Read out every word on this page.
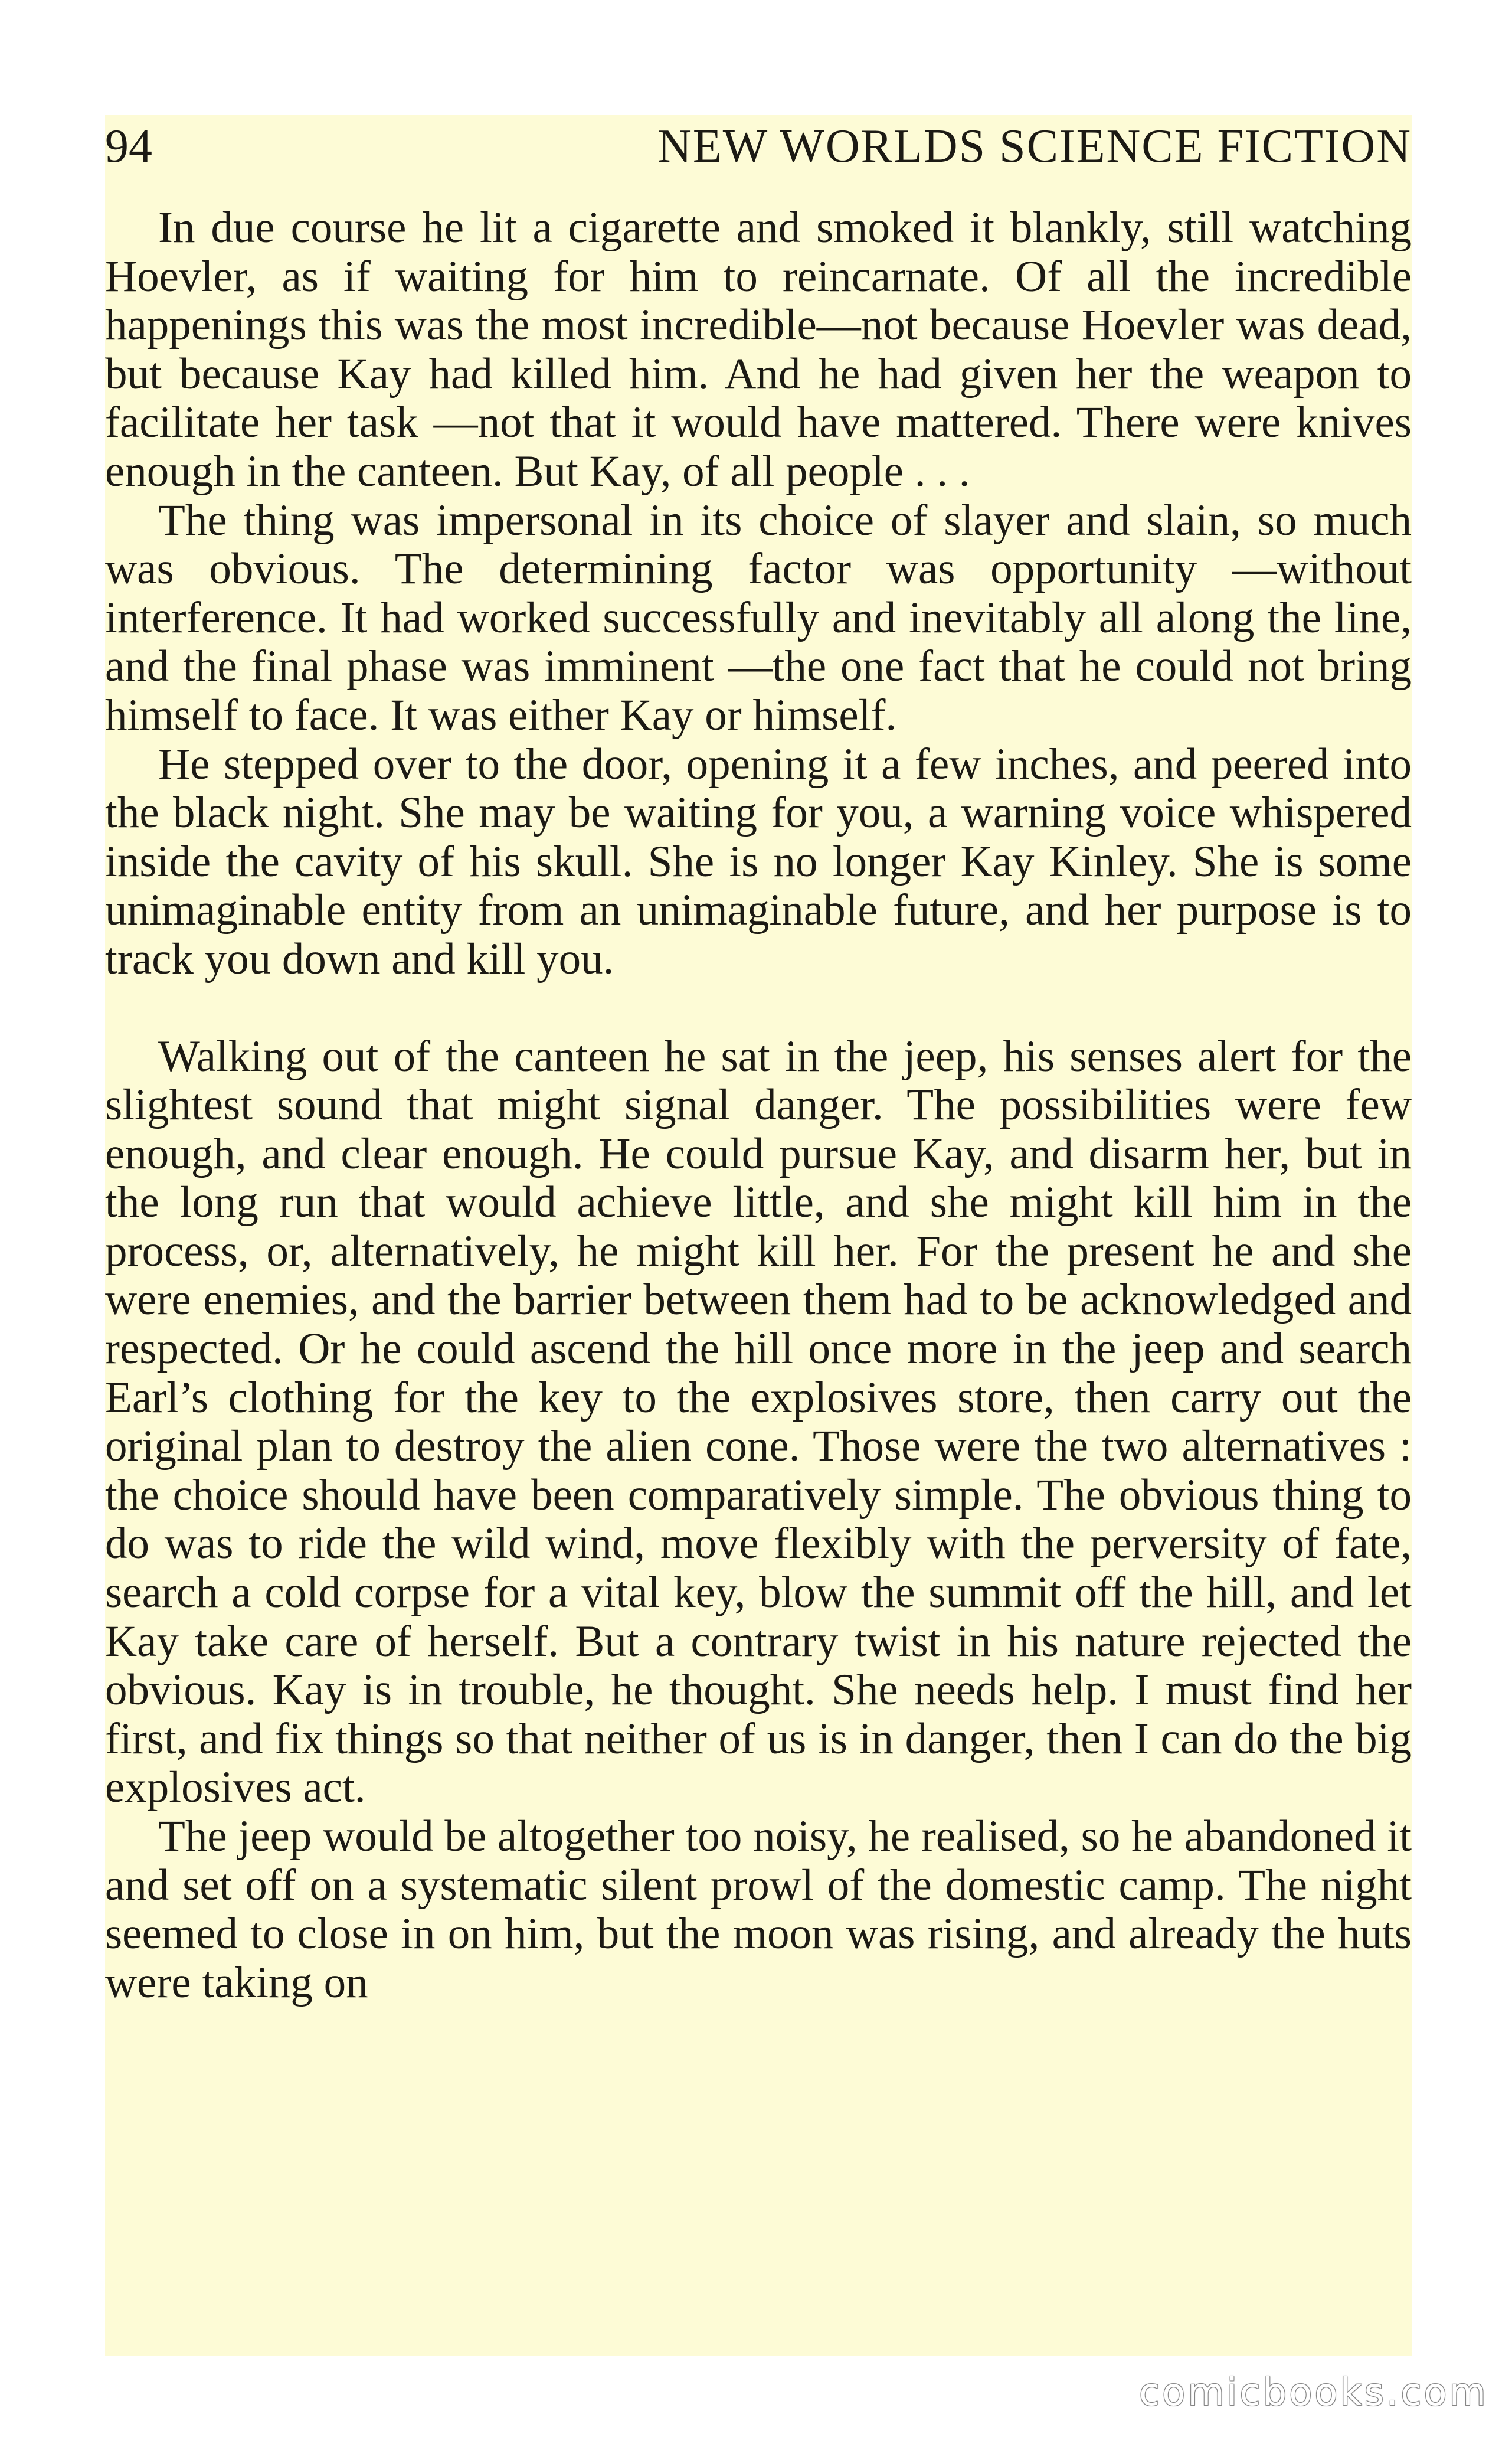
94	NEW WORLDS SCIENCE FICTION

In due course he lit a cigarette and smoked it blankly, still watching Hoevler, as if waiting for him to reincarnate. Of all the incredible happenings this was the most incredible—not because Hoevler was dead, but because Kay had killed him. And he had given her the weapon to facilitate her task —not that it would have mattered. There were knives enough in the canteen. But Kay, of all people . . .

The thing was impersonal in its choice of slayer and slain, so much was obvious. The determining factor was opportunity —without interference. It had worked successfully and inevitably all along the line, and the final phase was imminent —the one fact that he could not bring himself to face. It was either Kay or himself.

He stepped over to the door, opening it a few inches, and peered into the black night. She may be waiting for you, a warning voice whispered inside the cavity of his skull. She is no longer Kay Kinley. She is some unimaginable entity from an unimaginable future, and her purpose is to track you down and kill you.

Walking out of the canteen he sat in the jeep, his senses alert for the slightest sound that might signal danger. The possibilities were few enough, and clear enough. He could pursue Kay, and disarm her, but in the long run that would achieve little, and she might kill him in the process, or, alternatively, he might kill her. For the present he and she were enemies, and the barrier between them had to be acknowledged and respected. Or he could ascend the hill once more in the jeep and search Earl’s clothing for the key to the explosives store, then carry out the original plan to destroy the alien cone. Those were the two alternatives : the choice should have been comparatively simple. The obvious thing to do was to ride the wild wind, move flexibly with the perversity of fate, search a cold corpse for a vital key, blow the summit off the hill, and let Kay take care of herself. But a contrary twist in his nature rejected the obvious. Kay is in trouble, he thought. She needs help. I must find her first, and fix things so that neither of us is in danger, then I can do the big explosives act.

The jeep would be altogether too noisy, he realised, so he abandoned it and set off on a systematic silent prowl of the domestic camp. The night seemed to close in on him, but the moon was rising, and already the huts were taking on

comicbooks.com
